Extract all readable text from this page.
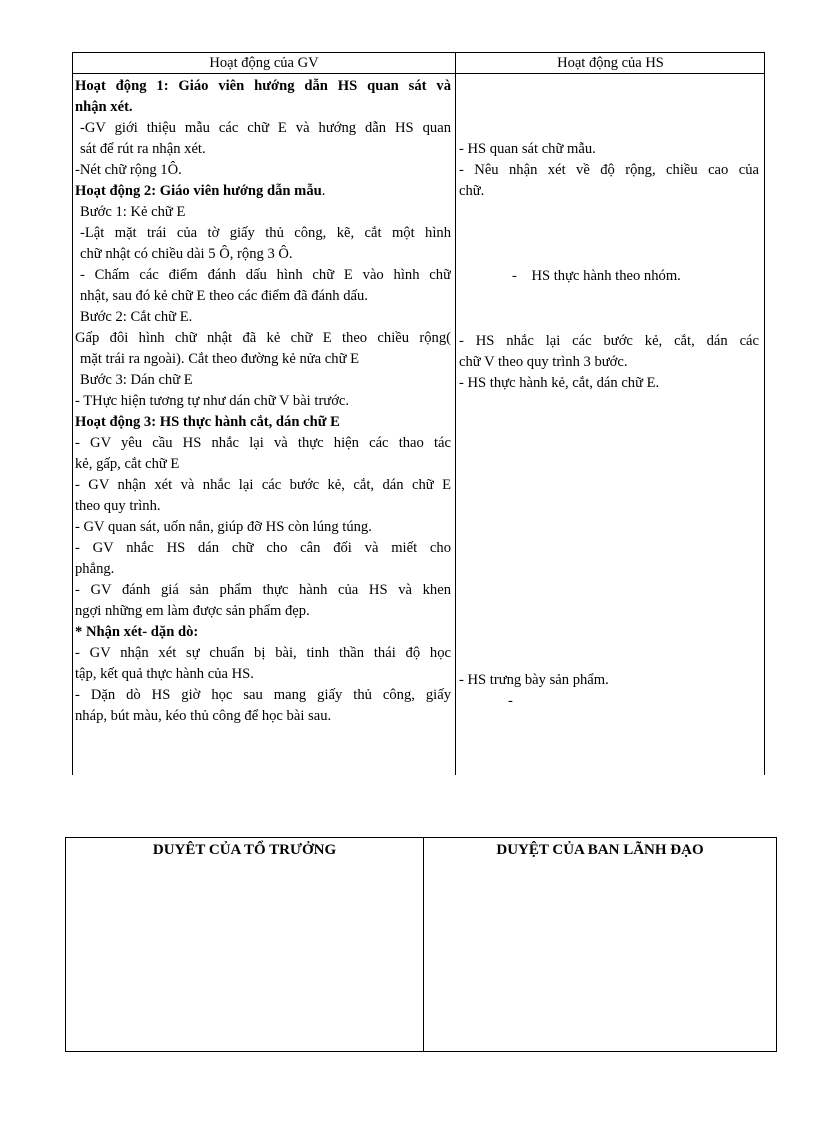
Hoạt động của GV	Hoạt động của HS
Hoạt động 1: Giáo viên hướng dẫn HS quan sát và
nhận xét.
-GV giới thiệu mẫu các chữ E và hướng dẫn HS quan
sát để rút ra nhận xét.
-Nét chữ rộng 1Ô.
Hoạt động 2: Giáo viên hướng dẫn mẫu.
Bước 1: Kẻ chữ E
-Lật mặt trái của tờ giấy thủ công, kẽ, cắt một hình
chữ nhật có chiều dài 5 Ô, rộng 3 Ô.
- Chấm các điểm đánh dấu hình chữ E vào hình chữ
nhật, sau đó kẻ chữ E theo các điểm đã đánh dấu.
Bước 2: Cắt chữ E.
Gấp đôi hình chữ nhật đã kẻ chữ E theo chiều rộng(
mặt trái ra ngoài). Cắt theo đường kẻ nửa chữ E
Bước 3: Dán chữ E
- THực hiện tương tự như dán chữ V bài trước.
Hoạt động 3: HS thực hành cắt, dán chữ E
- GV yêu cầu HS nhắc lại và thực hiện các thao tác
kẻ, gấp, cắt chữ E
- GV nhận xét và nhắc lại các bước kẻ, cắt, dán chữ E
theo quy trình.
- GV quan sát, uốn nắn, giúp đỡ HS còn lúng túng.
- GV nhắc HS dán chữ cho cân đối và miết cho
phẳng.
- GV đánh giá sản phẩm thực hành của HS và khen
ngợi những em làm được sản phẩm đẹp.
* Nhận xét- dặn dò:
- GV nhận xét sự chuẩn bị bài, tinh thần thái độ học
tập, kết quả thực hành của HS.
- Dặn dò HS giờ học sau mang giấy thủ công, giấy
nháp, bút màu, kéo thủ công để học bài sau.
- HS quan sát chữ mẫu.
- Nêu nhận xét về độ rộng, chiều cao của
chữ.
-    HS thực hành theo nhóm.
- HS nhắc lại các bước kẻ, cắt, dán các
chữ V theo quy trình 3 bước.
- HS thực hành kẻ, cắt, dán chữ E.
- HS trưng bày sản phẩm.
-
DUYÊT CỦA TỔ TRƯỞNG	DUYỆT CỦA BAN LÃNH ĐẠO
